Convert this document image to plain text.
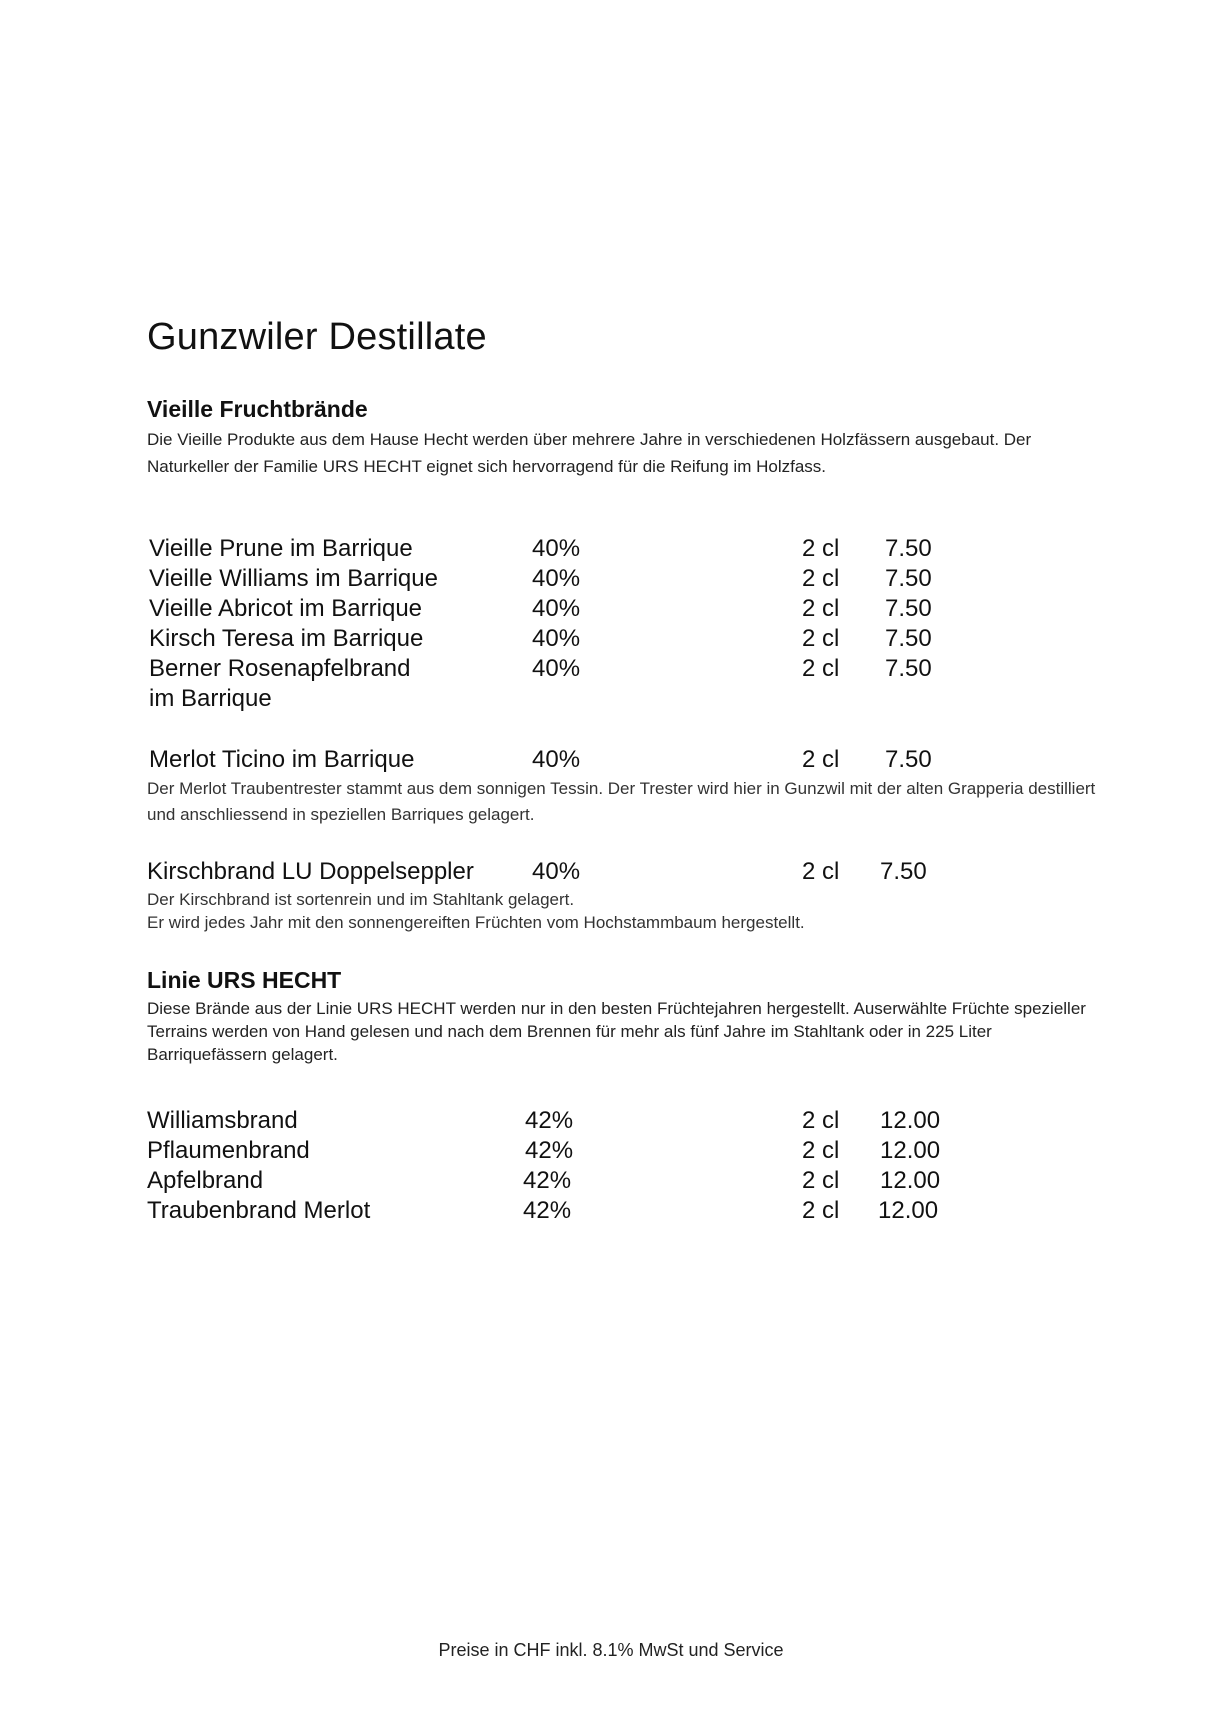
Gunzwiler Destillate
Vieille Fruchtbrände
Die Vieille Produkte aus dem Hause Hecht werden über mehrere Jahre in verschiedenen Holzfässern ausgebaut. Der Naturkeller der Familie URS HECHT eignet sich hervorragend für die Reifung im Holzfass.
Vieille Prune im Barrique	40%	2 cl 7.50
Vieille Williams im Barrique	40%	2 cl 7.50
Vieille Abricot im Barrique	40%	2 cl 7.50
Kirsch Teresa im Barrique	40%	2 cl 7.50
Berner Rosenapfelbrand	40%	2 cl 7.50
im Barrique
Merlot Ticino im Barrique	40%	2 cl 7.50
Der Merlot Traubentrester stammt aus dem sonnigen Tessin. Der Trester wird hier in Gunzwil mit der alten Grapperia destilliert und anschliessend in speziellen Barriques gelagert.
Kirschbrand LU Doppelseppler 40%	2 cl 7.50
Der Kirschbrand ist sortenrein und im Stahltank gelagert.
Er wird jedes Jahr mit den sonnengereiften Früchten vom Hochstammbaum hergestellt.
Linie URS HECHT
Diese Brände aus der Linie URS HECHT werden nur in den besten Früchtejahren hergestellt. Auserwählte Früchte spezieller Terrains werden von Hand gelesen und nach dem Brennen für mehr als fünf Jahre im Stahltank oder in 225 Liter Barriquefässern gelagert.
Williamsbrand	42%	2 cl 12.00
Pflaumenbrand	42%	2 cl 12.00
Apfelbrand	42%	2 cl 12.00
Traubenbrand Merlot	42%	2 cl 12.00
Preise in CHF inkl. 8.1% MwSt und Service
